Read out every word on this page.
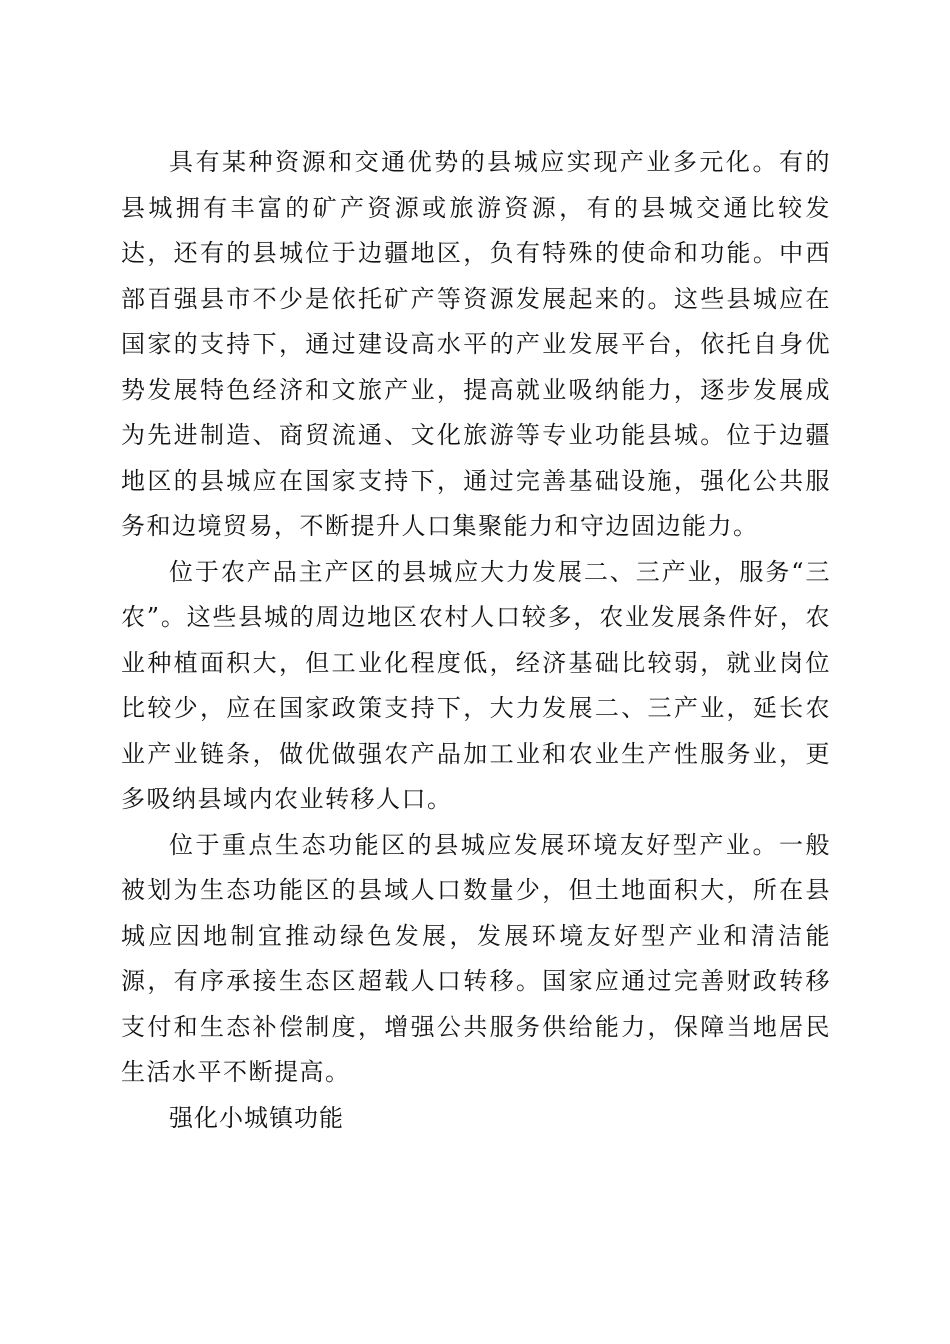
具有某种资源和交通优势的县城应实现产业多元化。有的县城拥有丰富的矿产资源或旅游资源，有的县城交通比较发达，还有的县城位于边疆地区，负有特殊的使命和功能。中西部百强县市不少是依托矿产等资源发展起来的。这些县城应在国家的支持下，通过建设高水平的产业发展平台，依托自身优势发展特色经济和文旅产业，提高就业吸纳能力，逐步发展成为先进制造、商贸流通、文化旅游等专业功能县城。位于边疆地区的县城应在国家支持下，通过完善基础设施，强化公共服务和边境贸易，不断提升人口集聚能力和守边固边能力。

位于农产品主产区的县城应大力发展二、三产业，服务“三农”。这些县城的周边地区农村人口较多，农业发展条件好，农业种植面积大，但工业化程度低，经济基础比较弱，就业岗位比较少，应在国家政策支持下，大力发展二、三产业，延长农业产业链条，做优做强农产品加工业和农业生产性服务业，更多吸纳县域内农业转移人口。

位于重点生态功能区的县城应发展环境友好型产业。一般被划为生态功能区的县域人口数量少，但土地面积大，所在县城应因地制宜推动绿色发展，发展环境友好型产业和清洁能源，有序承接生态区超载人口转移。国家应通过完善财政转移支付和生态补偿制度，增强公共服务供给能力，保障当地居民生活水平不断提高。

强化小城镇功能
